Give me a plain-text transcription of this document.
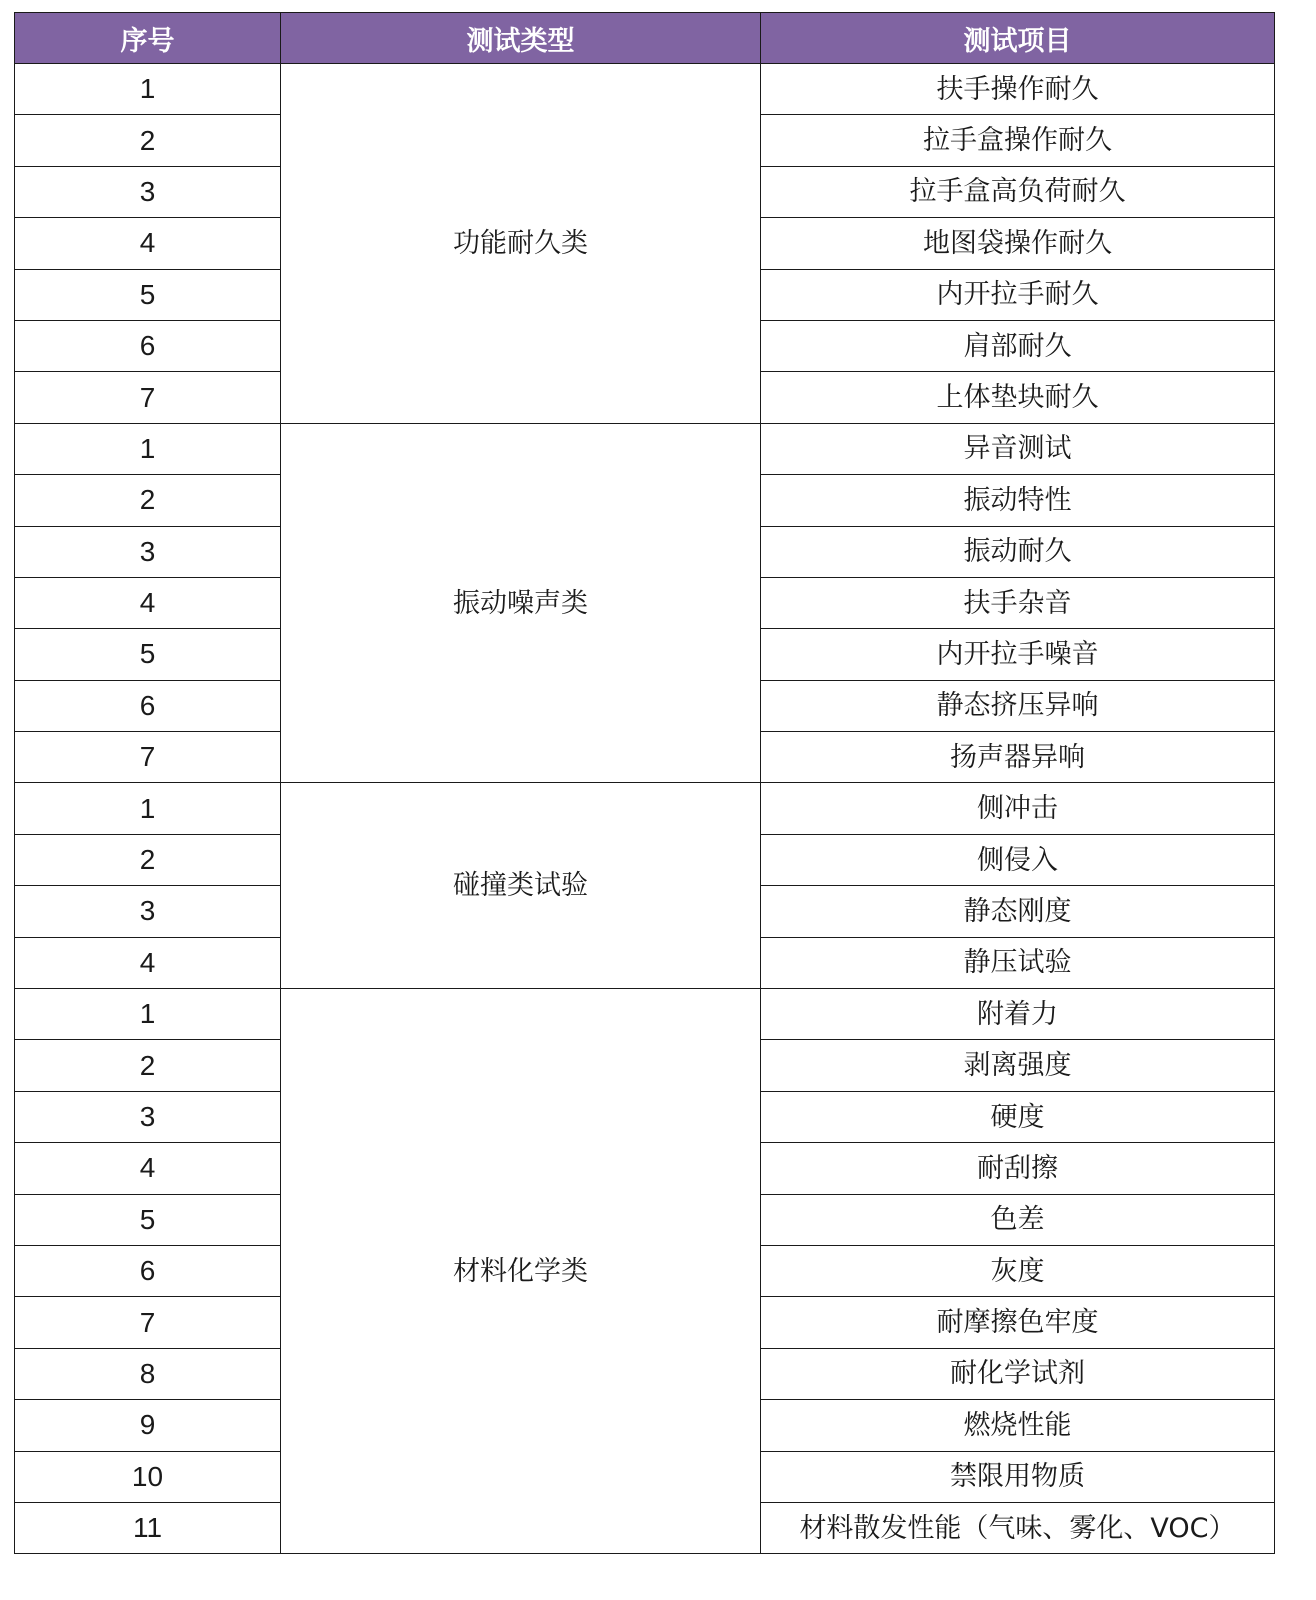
序号	测试类型	测试项目
1	功能耐久类	扶手操作耐久
2		拉手盒操作耐久
3		拉手盒高负荷耐久
4		地图袋操作耐久
5		内开拉手耐久
6		肩部耐久
7		上体垫块耐久
1	振动噪声类	异音测试
2		振动特性
3		振动耐久
4		扶手杂音
5		内开拉手噪音
6		静态挤压异响
7		扬声器异响
1	碰撞类试验	侧冲击
2		侧侵入
3		静态刚度
4		静压试验
1	材料化学类	附着力
2		剥离强度
3		硬度
4		耐刮擦
5		色差
6		灰度
7		耐摩擦色牢度
8		耐化学试剂
9		燃烧性能
10		禁限用物质
11		材料散发性能（气味、雾化、VOC）
